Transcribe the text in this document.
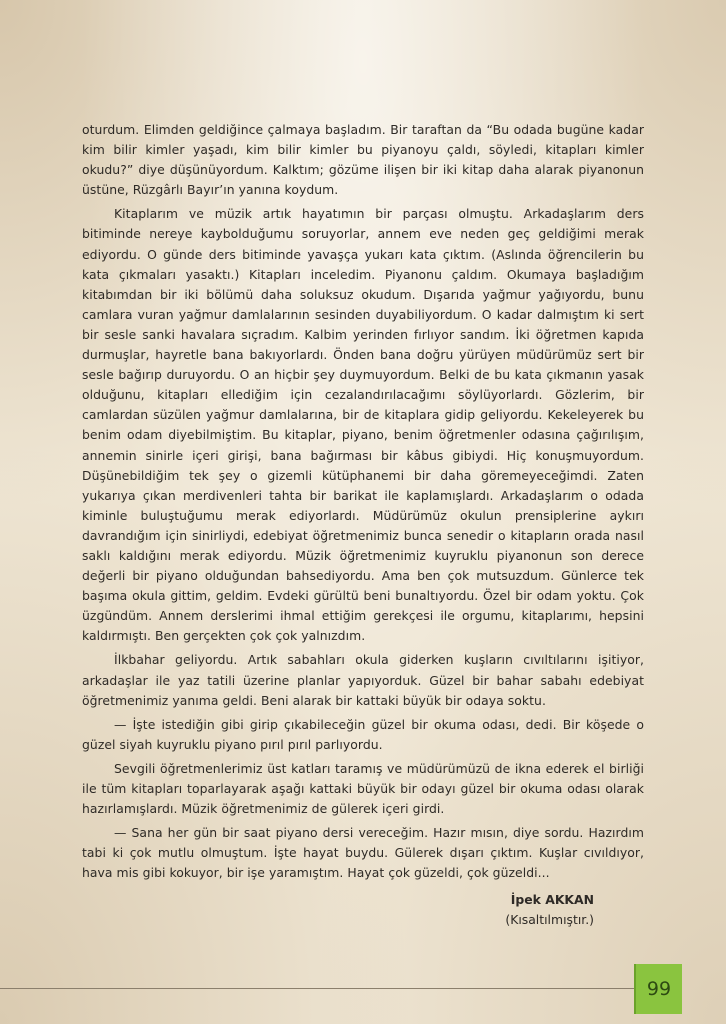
oturdum. Elimden geldiğince çalmaya başladım. Bir taraftan da “Bu odada bugüne kadar kim bilir kimler yaşadı, kim bilir kimler bu piyanoyu çaldı, söyledi, kitapları kimler okudu?” diye düşünüyordum. Kalktım; gözüme ilişen bir iki kitap daha alarak piyanonun üstüne, Rüzgârlı Bayır’ın yanına koydum.

Kitaplarım ve müzik artık hayatımın bir parçası olmuştu. Arkadaşlarım ders bitiminde nereye kaybolduğumu soruyorlar, annem eve neden geç geldiğimi merak ediyordu. O günde ders bitiminde yavaşça yukarı kata çıktım. (Aslında öğrencilerin bu kata çıkmaları yasaktı.) Kitapları inceledim. Piyanonu çaldım. Okumaya başladığım kitabımdan bir iki bölümü daha soluksuz okudum. Dışarıda yağmur yağıyordu, bunu camlara vuran yağmur damlalarının sesinden duyabiliyordum. O kadar dalmıştım ki sert bir sesle sanki havalara sıçradım. Kalbim yerinden fırlıyor sandım. İki öğretmen kapıda durmuşlar, hayretle bana bakıyorlardı. Önden bana doğru yürüyen müdürümüz sert bir sesle bağırıp duruyordu. O an hiçbir şey duymuyordum. Belki de bu kata çıkmanın yasak olduğunu, kitapları ellediğim için cezalandırılacağımı söylüyorlardı. Gözlerim, bir camlardan süzülen yağmur damlalarına, bir de kitaplara gidip geliyordu. Kekeleyerek bu benim odam diyebilmiştim. Bu kitaplar, piyano, benim öğretmenler odasına çağırılışım, annemin sinirle içeri girişi, bana bağırması bir kâbus gibiydi. Hiç konuşmuyordum. Düşünebildiğim tek şey o gizemli kütüphanemi bir daha göremeyeceğimdi. Zaten yukarıya çıkan merdivenleri tahta bir barikat ile kaplamışlardı. Arkadaşlarım o odada kiminle buluştuğumu merak ediyorlardı. Müdürümüz okulun prensiplerine aykırı davrandığım için sinirliydi, edebiyat öğretmenimiz bunca senedir o kitapların orada nasıl saklı kaldığını merak ediyordu. Müzik öğretmenimiz kuyruklu piyanonun son derece değerli bir piyano olduğundan bahsediyordu. Ama ben çok mutsuzdum. Günlerce tek başıma okula gittim, geldim. Evdeki gürültü beni bunaltıyordu. Özel bir odam yoktu. Çok üzgündüm. Annem derslerimi ihmal ettiğim gerekçesi ile orgumu, kitaplarımı, hepsini kaldırmıştı. Ben gerçekten çok çok yalnızdım.

İlkbahar geliyordu. Artık sabahları okula giderken kuşların cıvıltılarını işitiyor, arkadaşlar ile yaz tatili üzerine planlar yapıyorduk. Güzel bir bahar sabahı edebiyat öğretmenimiz yanıma geldi. Beni alarak bir kattaki büyük bir odaya soktu.

— İşte istediğin gibi girip çıkabileceğin güzel bir okuma odası, dedi. Bir köşede o güzel siyah kuyruklu piyano pırıl pırıl parlıyordu.

Sevgili öğretmenlerimiz üst katları taramış ve müdürümüzü de ikna ederek el birliği ile tüm kitapları toparlayarak aşağı kattaki büyük bir odayı güzel bir okuma odası olarak hazırlamışlardı. Müzik öğretmenimiz de gülerek içeri girdi.

— Sana her gün bir saat piyano dersi vereceğim. Hazır mısın, diye sordu. Hazırdım tabi ki çok mutlu olmuştum. İşte hayat buydu. Gülerek dışarı çıktım. Kuşlar cıvıldıyor, hava mis gibi kokuyor, bir işe yaramıştım. Hayat çok güzeldi, çok güzeldi...

İpek AKKAN
(Kısaltılmıştır.)
99
